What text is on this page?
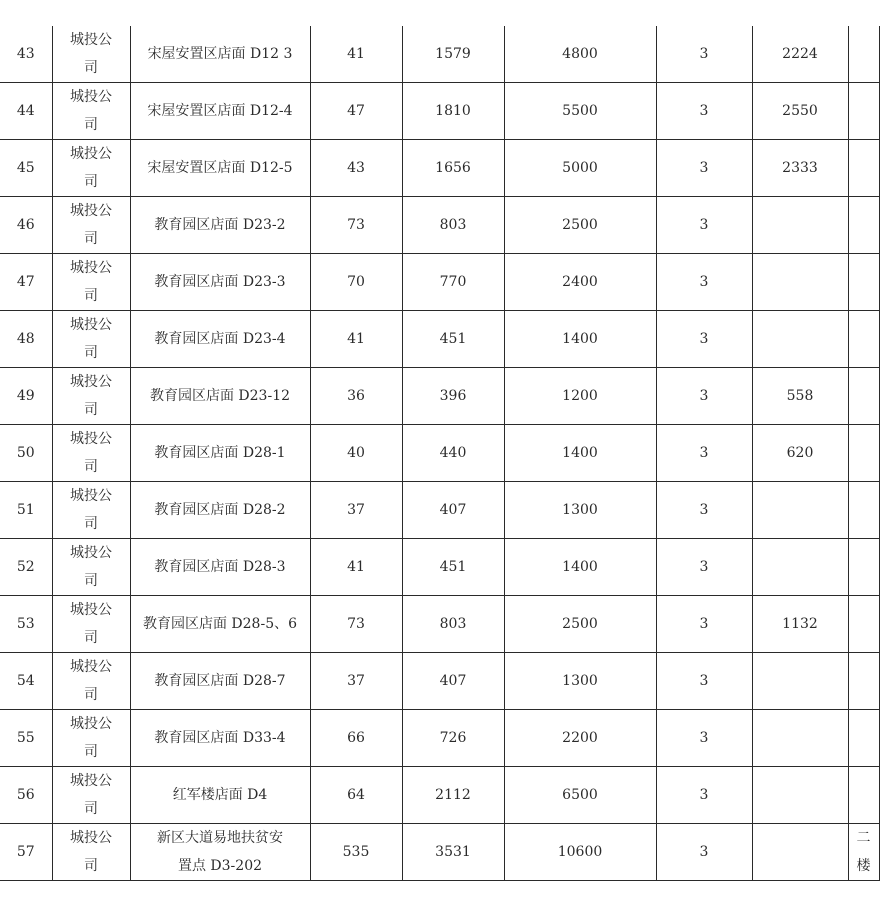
43	城投公
司	宋屋安置区店面 D12 3	41	1579	4800	3	2224	
44	城投公
司	宋屋安置区店面 D12-4	47	1810	5500	3	2550	
45	城投公
司	宋屋安置区店面 D12-5	43	1656	5000	3	2333	
46	城投公
司	教育园区店面 D23-2	73	803	2500	3		
47	城投公
司	教育园区店面 D23-3	70	770	2400	3		
48	城投公
司	教育园区店面 D23-4	41	451	1400	3		
49	城投公
司	教育园区店面 D23-12	36	396	1200	3	558	
50	城投公
司	教育园区店面 D28-1	40	440	1400	3	620	
51	城投公
司	教育园区店面 D28-2	37	407	1300	3		
52	城投公
司	教育园区店面 D28-3	41	451	1400	3		
53	城投公
司	教育园区店面 D28-5、6	73	803	2500	3	1132	
54	城投公
司	教育园区店面 D28-7	37	407	1300	3		
55	城投公
司	教育园区店面 D33-4	66	726	2200	3		
56	城投公
司	红军楼店面 D4	64	2112	6500	3		
57	城投公
司	新区大道易地扶贫安
置点 D3-202	535	3531	10600	3		二
楼
